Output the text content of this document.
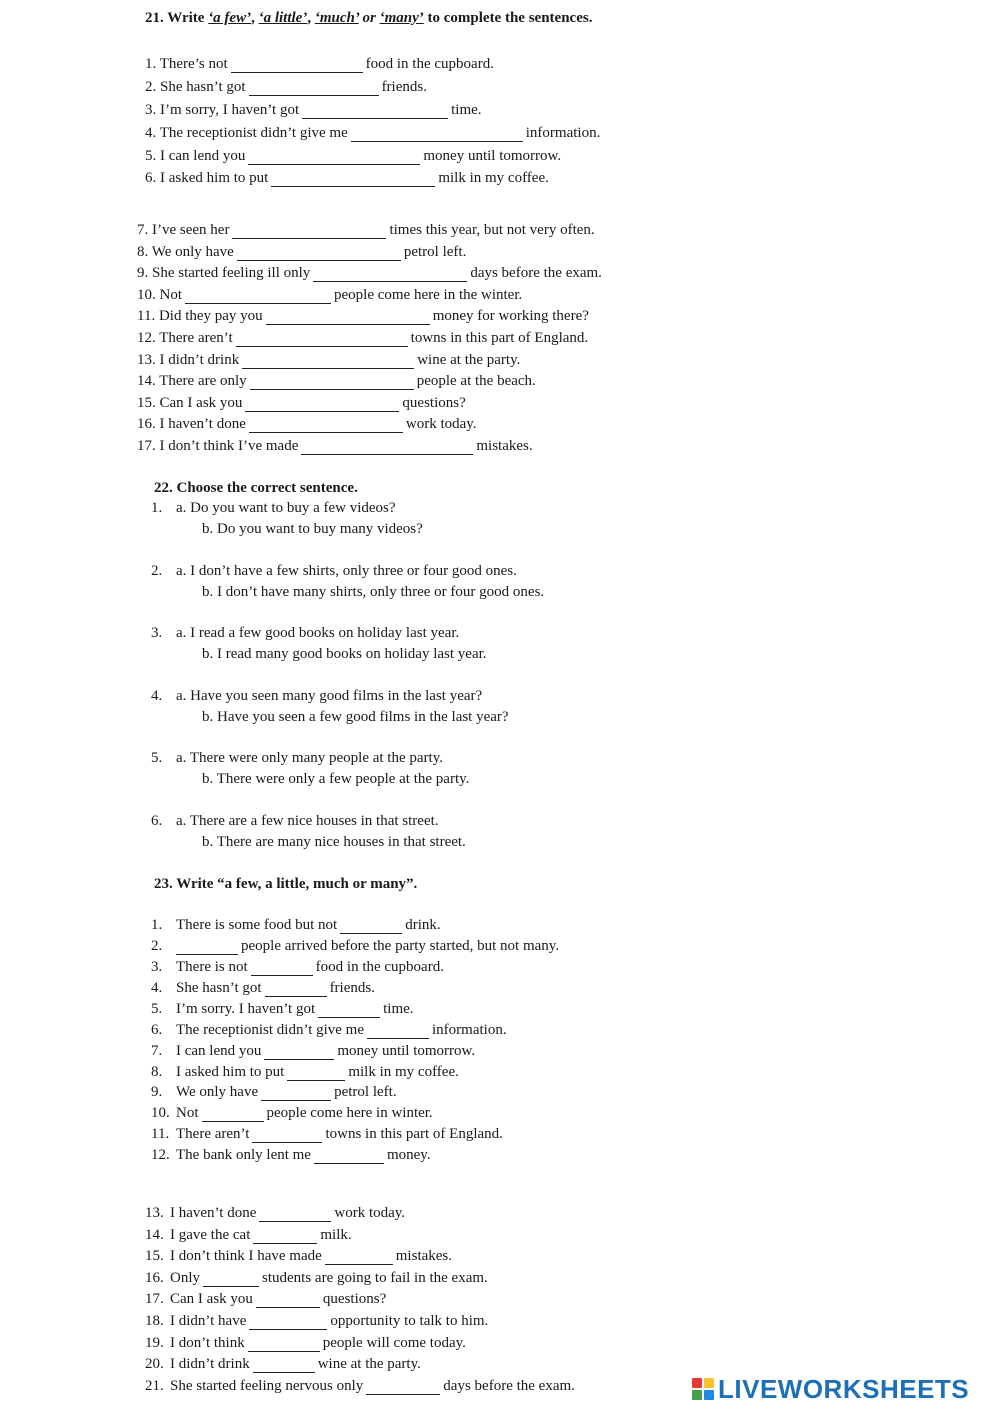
21. Write ‘a few’, ‘a little’, ‘much’ or ‘many’ to complete the sentences.
1. There’s not	food in the cupboard.
2. She hasn’t got	friends.
3. I’m sorry, I haven’t got	time.
4. The receptionist didn’t give me	information.
5. I can lend you	money until tomorrow.
6. I asked him to put	milk in my coffee.
7. I’ve seen her	times this year, but not very often.
8. We only have	petrol left.
9. She started feeling ill only	days before the exam.
10. Not	people come here in the winter.
11. Did they pay you	money for working there?
12. There aren’t	towns in this part of England.
13. I didn’t drink	wine at the party.
14. There are only	people at the beach.
15. Can I ask you	questions?
16. I haven’t done	work today.
17. I don’t think I’ve made	mistakes.
22. Choose the correct sentence.
1. a. Do you want to buy a few videos?
b. Do you want to buy many videos?
2. a. I don’t have a few shirts, only three or four good ones.
b. I don’t have many shirts, only three or four good ones.
3. a. I read a few good books on holiday last year.
b. I read many good books on holiday last year.
4. a. Have you seen many good films in the last year?
b. Have you seen a few good films in the last year?
5. a. There were only many people at the party.
b. There were only a few people at the party.
6. a. There are a few nice houses in that street.
b. There are many nice houses in that street.
23. Write “a few, a little, much or many”.
1. There is some food but not	drink.
2.	people arrived before the party started, but not many.
3. There is not	food in the cupboard.
4. She hasn’t got	friends.
5. I’m sorry. I haven’t got	time.
6. The receptionist didn’t give me	information.
7. I can lend you	money until tomorrow.
8. I asked him to put	milk in my coffee.
9. We only have	petrol left.
10. Not	people come here in winter.
11. There aren’t	towns in this part of England.
12. The bank only lent me	money.
13. I haven’t done	work today.
14. I gave the cat	milk.
15. I don’t think I have made	mistakes.
16. Only	students are going to fail in the exam.
17. Can I ask you	questions?
18. I didn’t have	opportunity to talk to him.
19. I don’t think	people will come today.
20. I didn’t drink	wine at the party.
21. She started feeling nervous only	days before the exam.	LIVEWORKSHEETS
